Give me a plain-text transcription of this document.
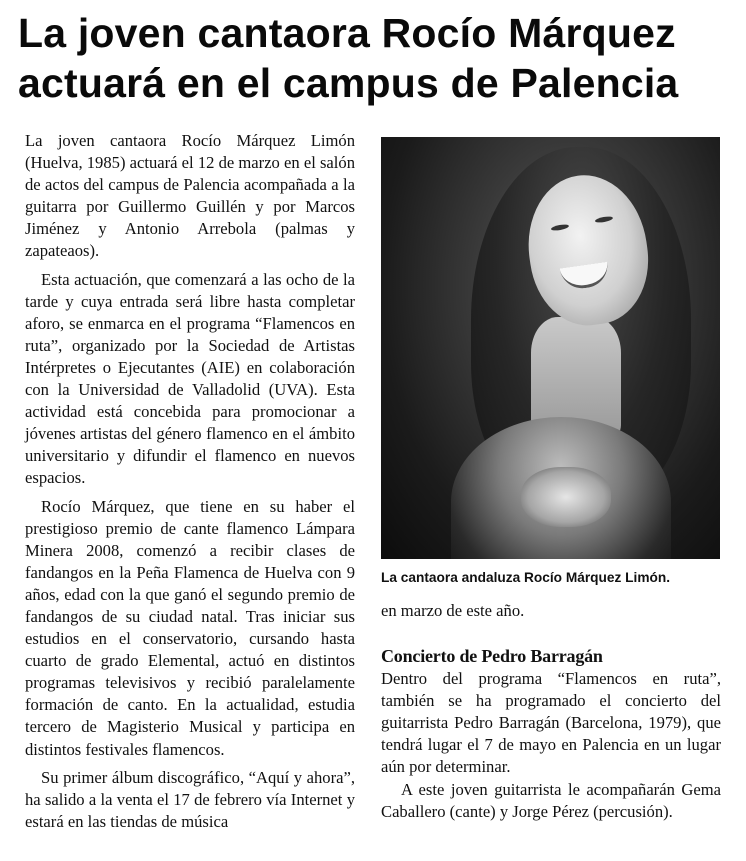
La joven cantaora Rocío Márquez
actuará en el campus de Palencia

La joven cantaora Rocío Márquez Limón (Huelva, 1985) actuará el 12 de marzo en el salón de actos del campus de Palencia acompañada a la guitarra por Guillermo Guillén y por Marcos Jiménez y Antonio Arrebola (palmas y zapateaos).

Esta actuación, que comenzará a las ocho de la tarde y cuya entrada será libre hasta completar aforo, se enmarca en el programa “Flamencos en ruta”, organizado por la Sociedad de Artistas Intérpretes o Ejecutantes (AIE) en colaboración con la Universidad de Valladolid (UVA). Esta actividad está concebida para promocionar a jóvenes artistas del género flamenco en el ámbito universitario y difundir el flamenco en nuevos espacios.

Rocío Márquez, que tiene en su haber el prestigioso premio de cante flamenco Lámpara Minera 2008, comenzó a recibir clases de fandangos en la Peña Flamenca de Huelva con 9 años, edad con la que ganó el segundo premio de fandangos de su ciudad natal. Tras iniciar sus estudios en el conservatorio, cursando hasta cuarto de grado Elemental, actuó en distintos programas televisivos y recibió paralelamente formación de canto. En la actualidad, estudia tercero de Magisterio Musical y participa en distintos festivales flamencos.

Su primer álbum discográfico, “Aquí y ahora”, ha salido a la venta el 17 de febrero vía Internet y estará en las tiendas de música

La cantaora andaluza Rocío Márquez Limón.

en marzo de este año.

Concierto de Pedro Barragán

Dentro del programa “Flamencos en ruta”, también se ha programado el concierto del guitarrista Pedro Barragán (Barcelona, 1979), que tendrá lugar el 7 de mayo en Palencia en un lugar aún por determinar.

A este joven guitarrista le acompañarán Gema Caballero (cante) y Jorge Pérez (percusión).
